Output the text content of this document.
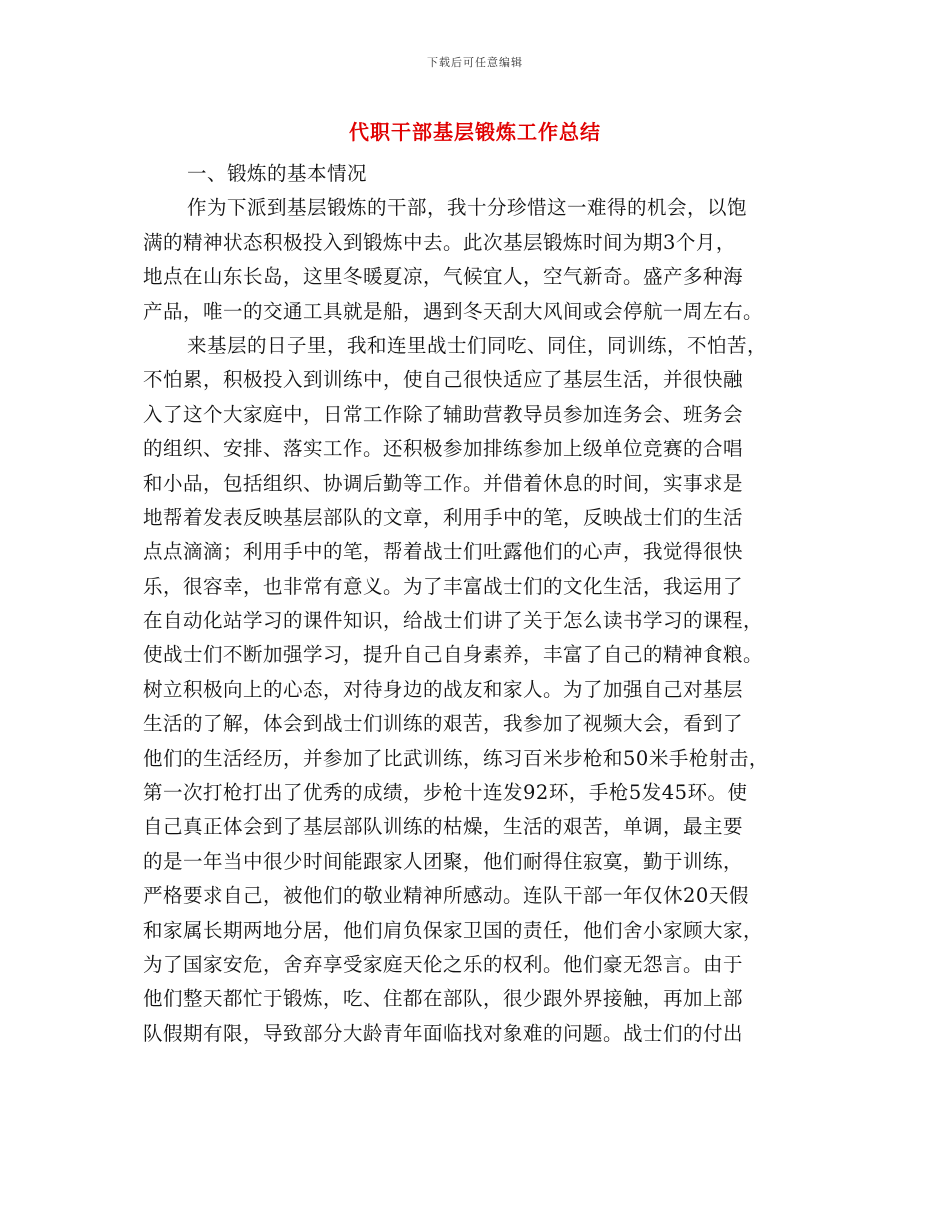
下载后可任意编辑
代职干部基层锻炼工作总结
一、锻炼的基本情况
作为下派到基层锻炼的干部，我十分珍惜这一难得的机会，以饱
满的精神状态积极投入到锻炼中去。此次基层锻炼时间为期3个月，
地点在山东长岛，这里冬暖夏凉，气候宜人，空气新奇。盛产多种海
产品，唯一的交通工具就是船，遇到冬天刮大风间或会停航一周左右。
来基层的日子里，我和连里战士们同吃、同住，同训练，不怕苦，
不怕累，积极投入到训练中，使自己很快适应了基层生活，并很快融
入了这个大家庭中，日常工作除了辅助营教导员参加连务会、班务会
的组织、安排、落实工作。还积极参加排练参加上级单位竞赛的合唱
和小品，包括组织、协调后勤等工作。并借着休息的时间，实事求是
地帮着发表反映基层部队的文章，利用手中的笔，反映战士们的生活
点点滴滴；利用手中的笔，帮着战士们吐露他们的心声，我觉得很快
乐，很容幸，也非常有意义。为了丰富战士们的文化生活，我运用了
在自动化站学习的课件知识，给战士们讲了关于怎么读书学习的课程，
使战士们不断加强学习，提升自己自身素养，丰富了自己的精神食粮。
树立积极向上的心态，对待身边的战友和家人。为了加强自己对基层
生活的了解，体会到战士们训练的艰苦，我参加了视频大会，看到了
他们的生活经历，并参加了比武训练，练习百米步枪和50米手枪射击，
第一次打枪打出了优秀的成绩，步枪十连发92环，手枪5发45环。使
自己真正体会到了基层部队训练的枯燥，生活的艰苦，单调，最主要
的是一年当中很少时间能跟家人团聚，他们耐得住寂寞，勤于训练，
严格要求自己，被他们的敬业精神所感动。连队干部一年仅休20天假
和家属长期两地分居，他们肩负保家卫国的责任，他们舍小家顾大家，
为了国家安危，舍弃享受家庭天伦之乐的权利。他们豪无怨言。由于
他们整天都忙于锻炼，吃、住都在部队，很少跟外界接触，再加上部
队假期有限，导致部分大龄青年面临找对象难的问题。战士们的付出
